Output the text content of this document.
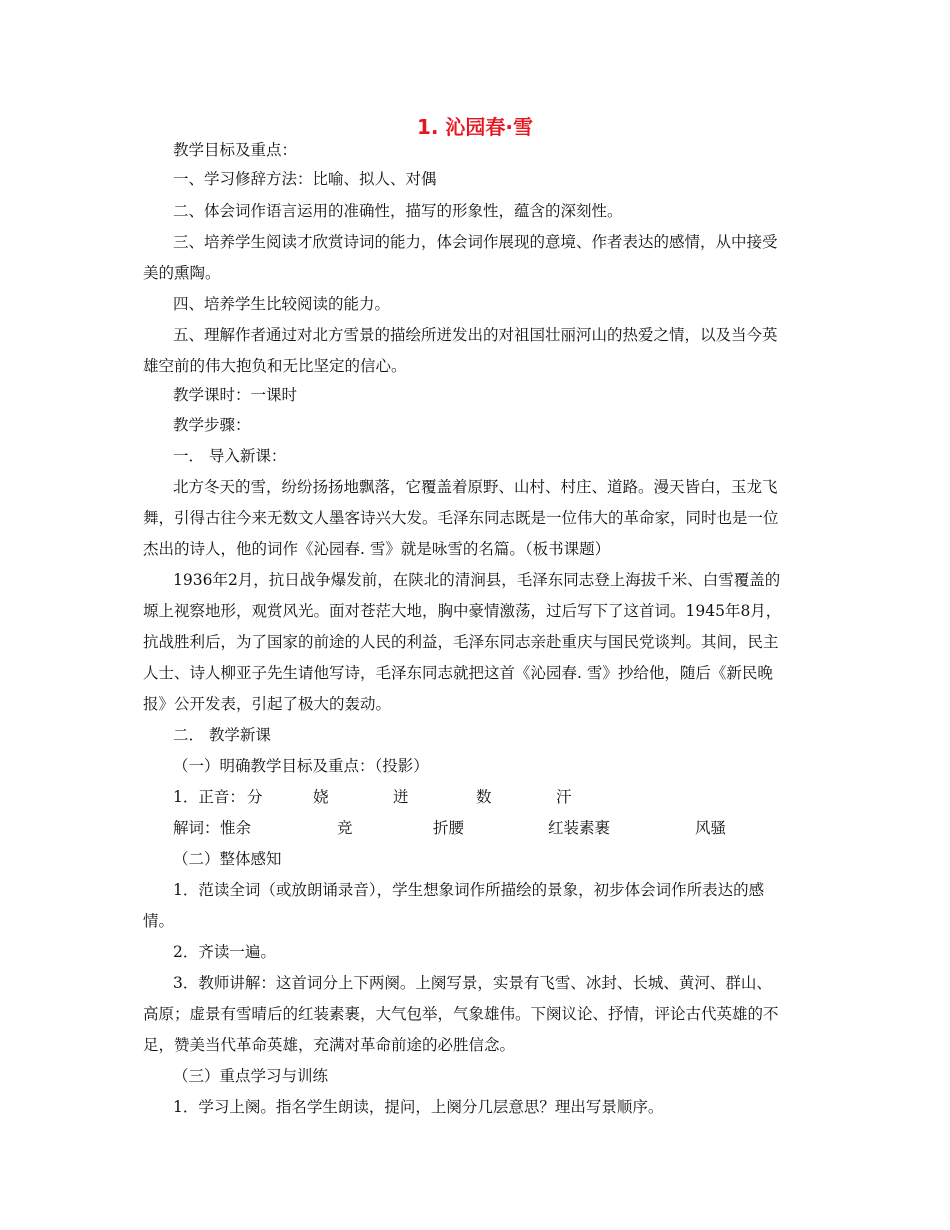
1. 沁园春·雪
教学目标及重点：
一、学习修辞方法：比喻、拟人、对偶
二、体会词作语言运用的准确性，描写的形象性，蕴含的深刻性。
三、培养学生阅读才欣赏诗词的能力，体会词作展现的意境、作者表达的感情，从中接受
美的熏陶。
四、培养学生比较阅读的能力。
五、理解作者通过对北方雪景的描绘所迸发出的对祖国壮丽河山的热爱之情，以及当今英
雄空前的伟大抱负和无比坚定的信心。
教学课时：一课时
教学步骤：
一． 导入新课：
北方冬天的雪，纷纷扬扬地飘落，它覆盖着原野、山村、村庄、道路。漫天皆白，玉龙飞
舞，引得古往今来无数文人墨客诗兴大发。毛泽东同志既是一位伟大的革命家，同时也是一位
杰出的诗人，他的词作《沁园春. 雪》就是咏雪的名篇。（板书课题）
1936年2月，抗日战争爆发前，在陕北的清涧县，毛泽东同志登上海拔千米、白雪覆盖的
塬上视察地形，观赏风光。面对苍茫大地，胸中豪情激荡，过后写下了这首词。1945年8月，
抗战胜利后，为了国家的前途的人民的利益，毛泽东同志亲赴重庆与国民党谈判。其间，民主
人士、诗人柳亚子先生请他写诗，毛泽东同志就把这首《沁园春. 雪》抄给他，随后《新民晚
报》公开发表，引起了极大的轰动。
二． 教学新课
（一）明确教学目标及重点：（投影）
1．正音： 分	娆	迸	数	汗
解词： 惟余	竞	折腰	红装素裹	风骚
（二）整体感知
1．范读全词（或放朗诵录音），学生想象词作所描绘的景象，初步体会词作所表达的感
情。
2．齐读一遍。
3．教师讲解：这首词分上下两阕。上阕写景，实景有飞雪、冰封、长城、黄河、群山、
高原；虚景有雪晴后的红装素裹，大气包举，气象雄伟。下阕议论、抒情，评论古代英雄的不
足，赞美当代革命英雄，充满对革命前途的必胜信念。
（三）重点学习与训练
1．学习上阕。指名学生朗读，提问，上阕分几层意思？理出写景顺序。
